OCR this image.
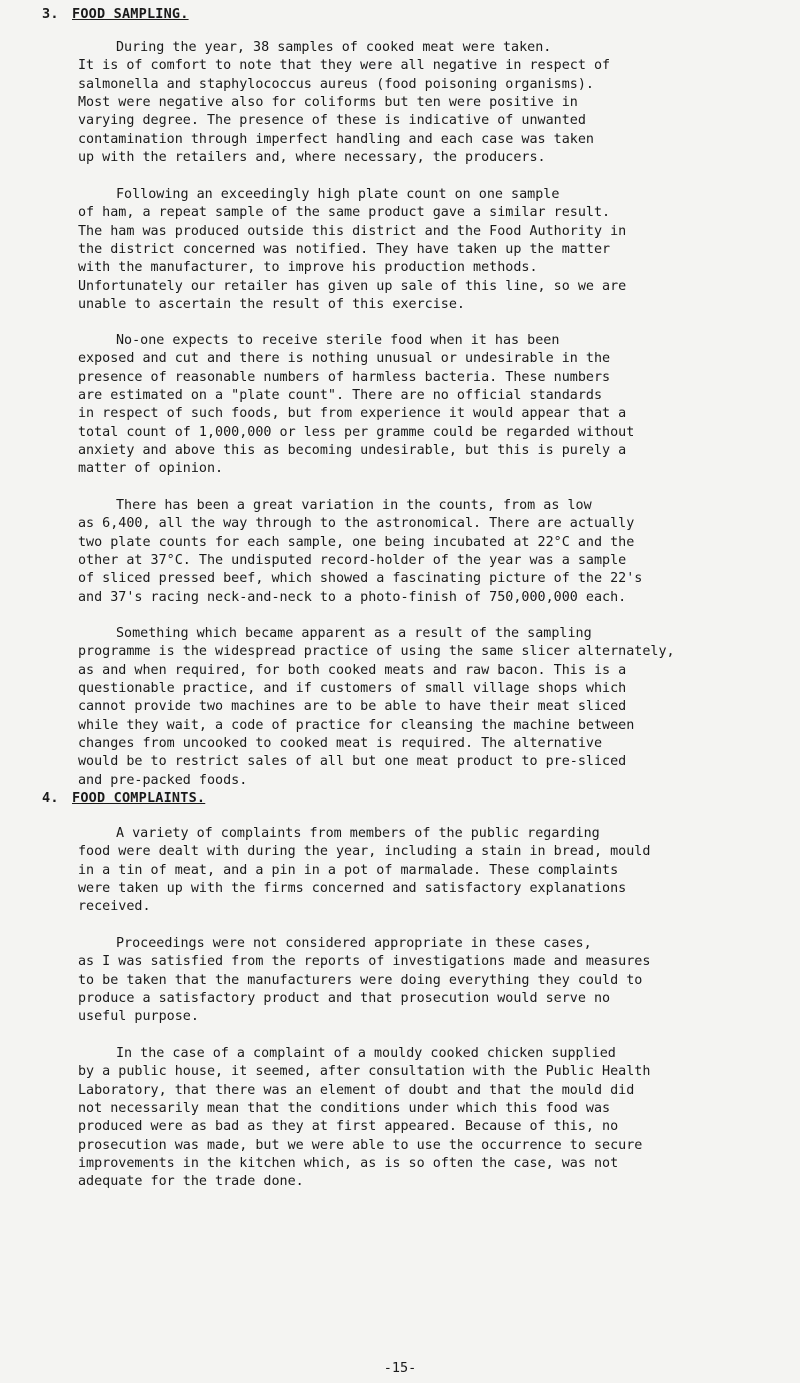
3. FOOD SAMPLING.

During the year, 38 samples of cooked meat were taken.
It is of comfort to note that they were all negative in respect of
salmonella and staphylococcus aureus (food poisoning organisms).
Most were negative also for coliforms but ten were positive in
varying degree. The presence of these is indicative of unwanted
contamination through imperfect handling and each case was taken
up with the retailers and, where necessary, the producers.

Following an exceedingly high plate count on one sample
of ham, a repeat sample of the same product gave a similar result.
The ham was produced outside this district and the Food Authority in
the district concerned was notified. They have taken up the matter
with the manufacturer, to improve his production methods.
Unfortunately our retailer has given up sale of this line, so we are
unable to ascertain the result of this exercise.

No-one expects to receive sterile food when it has been
exposed and cut and there is nothing unusual or undesirable in the
presence of reasonable numbers of harmless bacteria. These numbers
are estimated on a "plate count". There are no official standards
in respect of such foods, but from experience it would appear that a
total count of 1,000,000 or less per gramme could be regarded without
anxiety and above this as becoming undesirable, but this is purely a
matter of opinion.

There has been a great variation in the counts, from as low
as 6,400, all the way through to the astronomical. There are actually
two plate counts for each sample, one being incubated at 22°C and the
other at 37°C. The undisputed record-holder of the year was a sample
of sliced pressed beef, which showed a fascinating picture of the 22's
and 37's racing neck-and-neck to a photo-finish of 750,000,000 each.

Something which became apparent as a result of the sampling
programme is the widespread practice of using the same slicer alternately,
as and when required, for both cooked meats and raw bacon. This is a
questionable practice, and if customers of small village shops which
cannot provide two machines are to be able to have their meat sliced
while they wait, a code of practice for cleansing the machine between
changes from uncooked to cooked meat is required. The alternative
would be to restrict sales of all but one meat product to pre-sliced
and pre-packed foods.

4. FOOD COMPLAINTS.

A variety of complaints from members of the public regarding
food were dealt with during the year, including a stain in bread, mould
in a tin of meat, and a pin in a pot of marmalade. These complaints
were taken up with the firms concerned and satisfactory explanations
received.

Proceedings were not considered appropriate in these cases,
as I was satisfied from the reports of investigations made and measures
to be taken that the manufacturers were doing everything they could to
produce a satisfactory product and that prosecution would serve no
useful purpose.

In the case of a complaint of a mouldy cooked chicken supplied
by a public house, it seemed, after consultation with the Public Health
Laboratory, that there was an element of doubt and that the mould did
not necessarily mean that the conditions under which this food was
produced were as bad as they at first appeared. Because of this, no
prosecution was made, but we were able to use the occurrence to secure
improvements in the kitchen which, as is so often the case, was not
adequate for the trade done.

-15-
